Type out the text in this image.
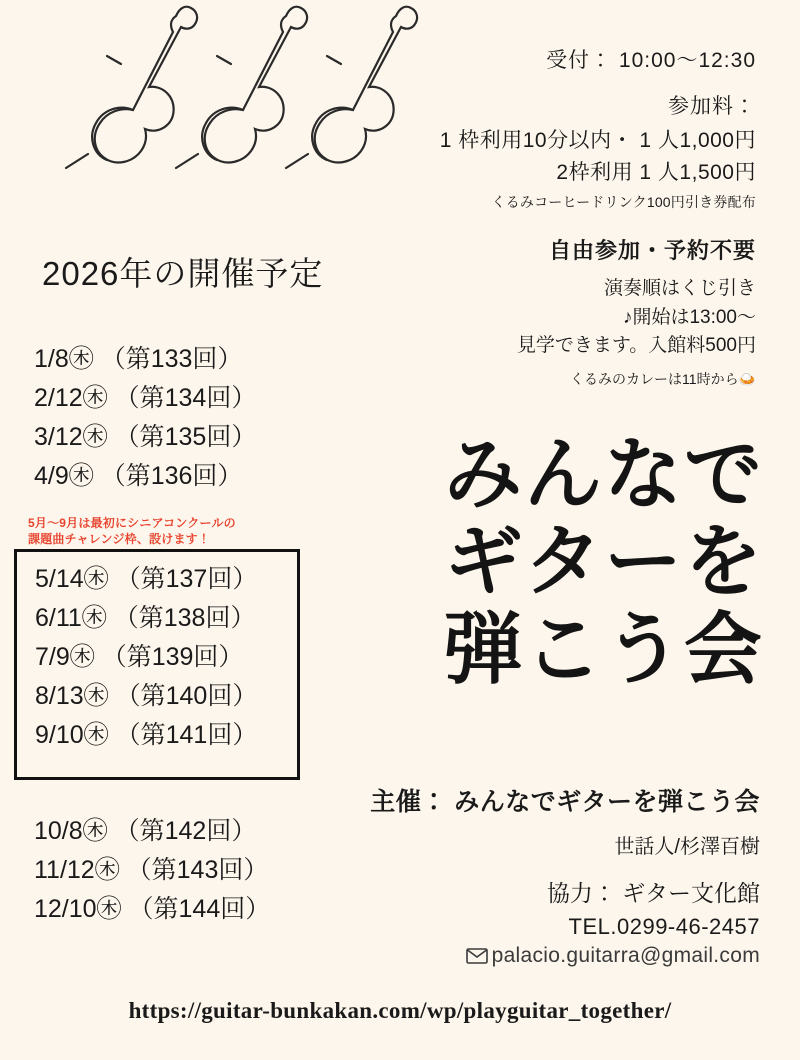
受付： 10:00〜12:30
参加料：
1 枠利用10分以内・ 1 人1,000円
2枠利用 1 人1,500円
くるみコーヒードリンク100円引き券配布
自由参加・予約不要
演奏順はくじ引き
♪開始は13:00〜
見学できます。入館料500円
くるみのカレーは11時から🍛
2026年の開催予定
1/8㊍ （第133回）
2/12㊍ （第134回）
3/12㊍ （第135回）
4/9㊍ （第136回）
5月〜9月は最初にシニアコンクールの
課題曲チャレンジ枠、設けます！
5/14㊍ （第137回）
6/11㊍ （第138回）
7/9㊍ （第139回）
8/13㊍ （第140回）
9/10㊍ （第141回）
10/8㊍ （第142回）
11/12㊍ （第143回）
12/10㊍ （第144回）
みんなで
ギターを
弾こう会
主催： みんなでギターを弾こう会
世話人/杉澤百樹
協力： ギター文化館
TEL.0299-46-2457
palacio.guitarra@gmail.com
https://guitar-bunkakan.com/wp/playguitar_together/
